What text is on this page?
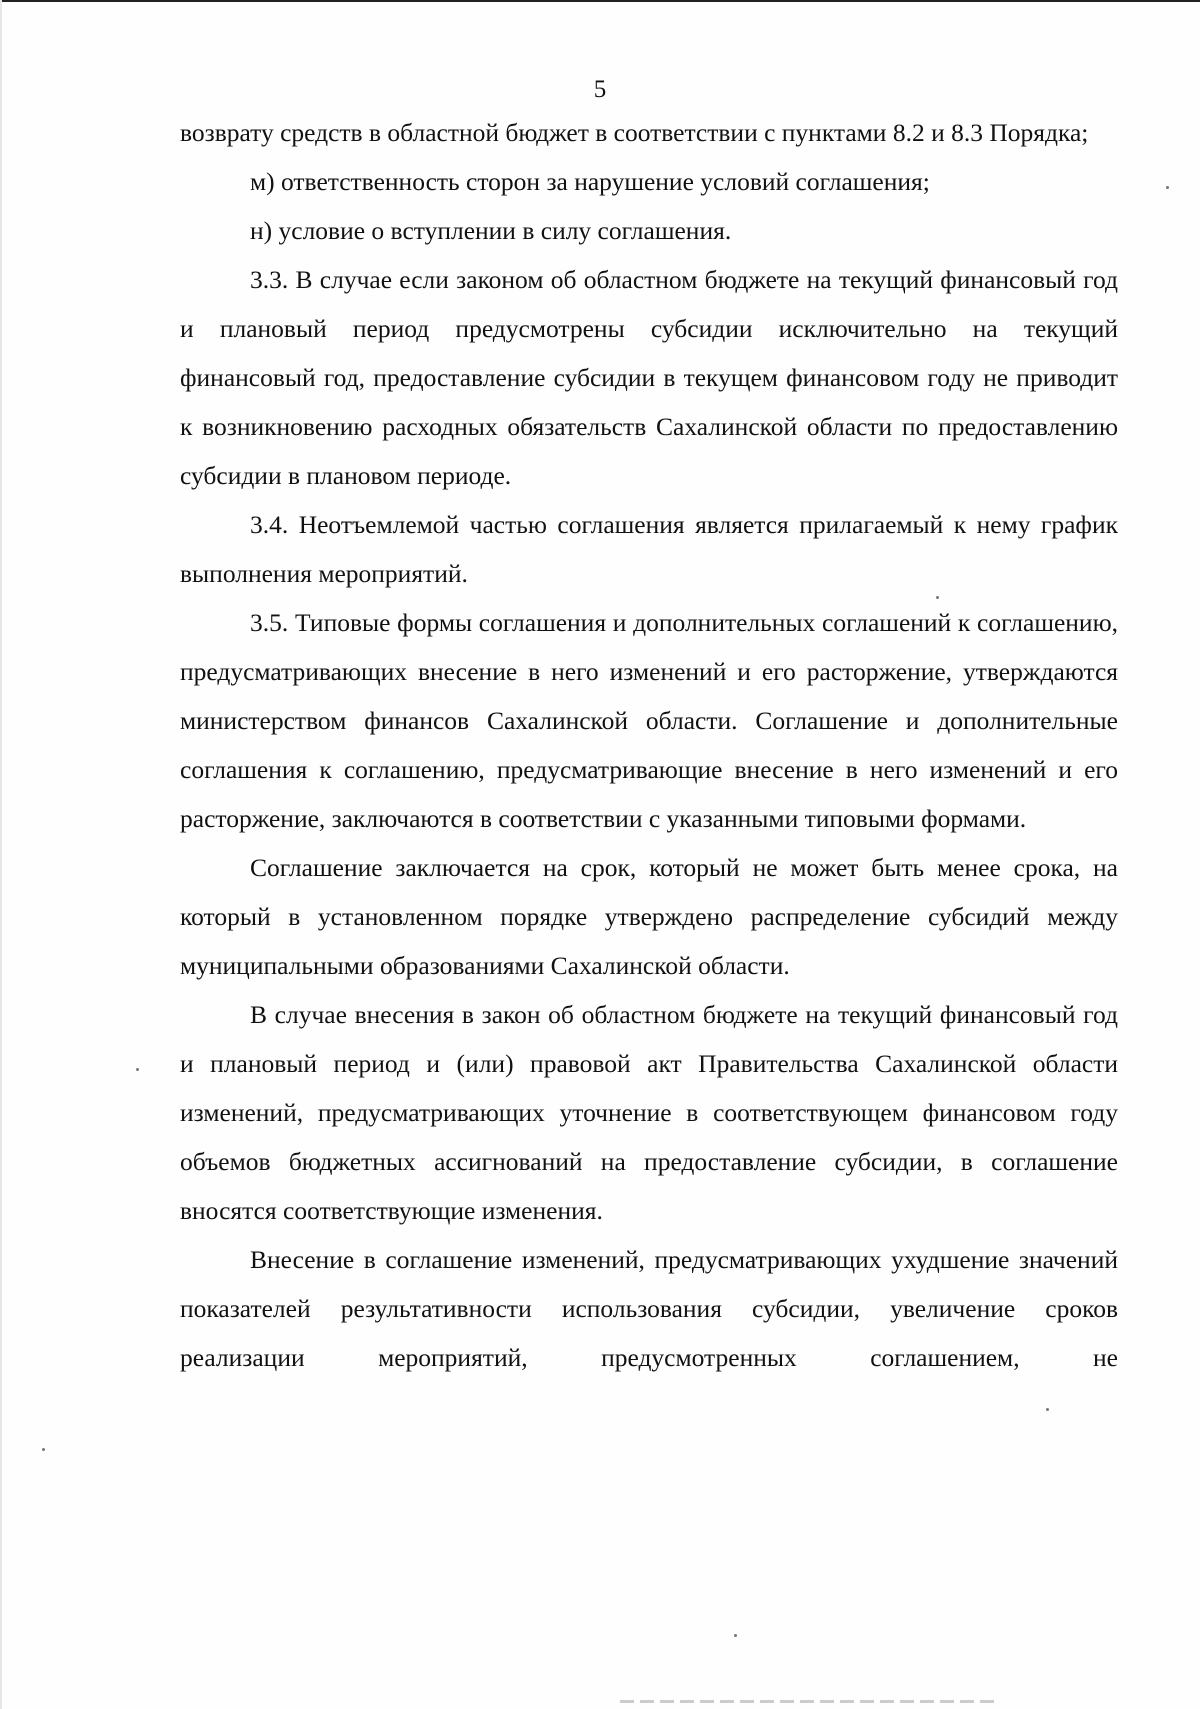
5

возврату средств в областной бюджет в соответствии с пунктами 8.2 и 8.3 Порядка;

м) ответственность сторон за нарушение условий соглашения;

н) условие о вступлении в силу соглашения.

3.3. В случае если законом об областном бюджете на текущий финансовый год и плановый период предусмотрены субсидии исключительно на текущий финансовый год, предоставление субсидии в текущем финансовом году не приводит к возникновению расходных обязательств Сахалинской области по предоставлению субсидии в плановом периоде.

3.4. Неотъемлемой частью соглашения является прилагаемый к нему график выполнения мероприятий.

3.5. Типовые формы соглашения и дополнительных соглашений к соглашению, предусматривающих внесение в него изменений и его расторжение, утверждаются министерством финансов Сахалинской области. Соглашение и дополнительные соглашения к соглашению, предусматривающие внесение в него изменений и его расторжение, заключаются в соответствии с указанными типовыми формами.

Соглашение заключается на срок, который не может быть менее срока, на который в установленном порядке утверждено распределение субсидий между муниципальными образованиями Сахалинской области.

В случае внесения в закон об областном бюджете на текущий финансовый год и плановый период и (или) правовой акт Правительства Сахалинской области изменений, предусматривающих уточнение в соответствующем финансовом году объемов бюджетных ассигнований на предоставление субсидии, в соглашение вносятся соответствующие изменения.

Внесение в соглашение изменений, предусматривающих ухудшение значений показателей результативности использования субсидии, увеличение сроков реализации мероприятий, предусмотренных соглашением, не
